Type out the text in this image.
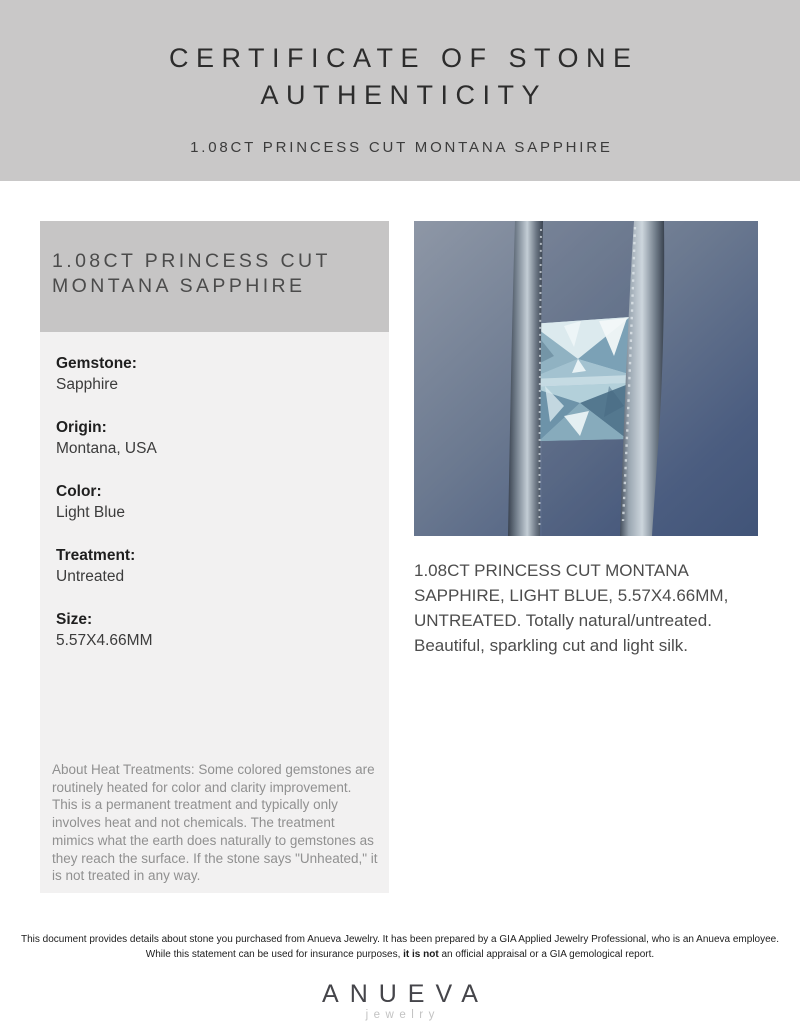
CERTIFICATE OF STONE
AUTHENTICITY
1.08CT PRINCESS CUT MONTANA SAPPHIRE
1.08CT PRINCESS CUT
MONTANA SAPPHIRE
Gemstone:
Sapphire
Origin:
Montana, USA
Color:
Light Blue
Treatment:
Untreated
Size:
5.57X4.66MM

About Heat Treatments: Some colored gemstones are routinely heated for color and clarity improvement. This is a permanent treatment and typically only involves heat and not chemicals. The treatment mimics what the earth does naturally to gemstones as they reach the surface. If the stone says "Unheated," it is not treated in any way.

1.08CT PRINCESS CUT MONTANA SAPPHIRE, LIGHT BLUE, 5.57X4.66MM, UNTREATED. Totally natural/untreated. Beautiful, sparkling cut and light silk.

This document provides details about stone you purchased from Anueva Jewelry. It has been prepared by a GIA Applied Jewelry Professional, who is an Anueva employee.
While this statement can be used for insurance purposes, it is not an official appraisal or a GIA gemological report.
ANUEVA
jewelry
